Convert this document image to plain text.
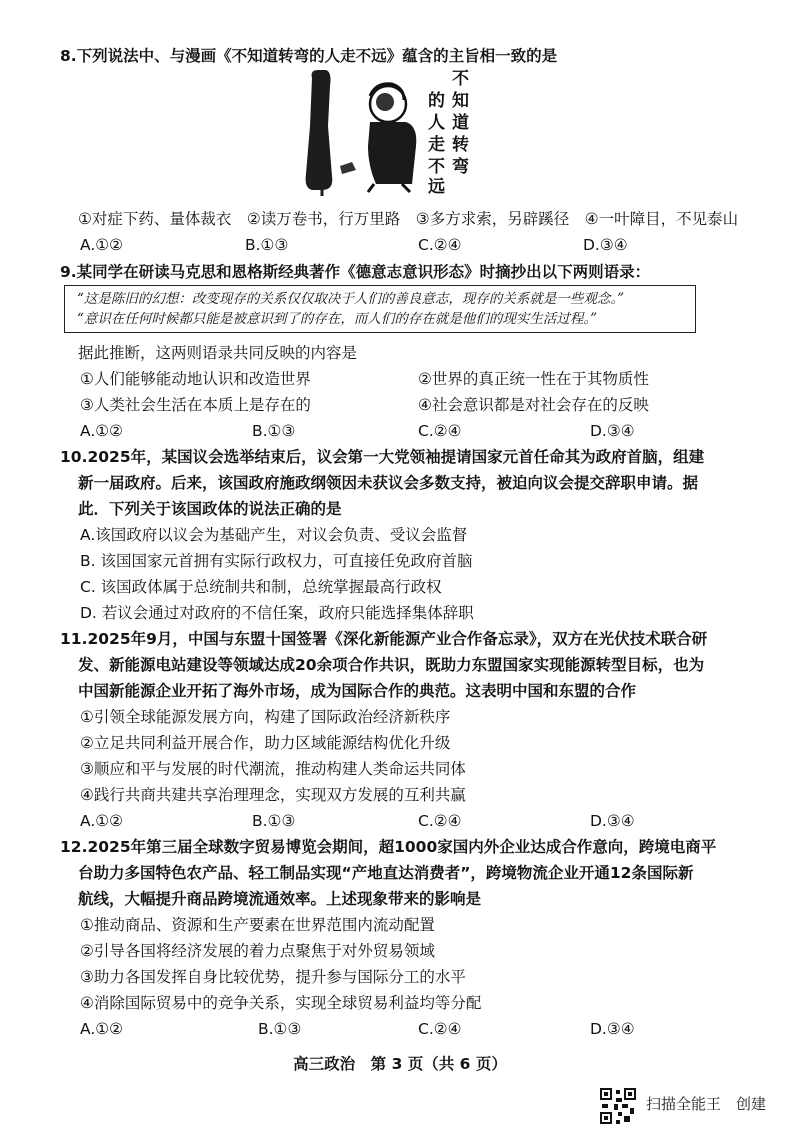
8.下列说法中、与漫画《不知道转弯的人走不远》蕴含的主旨相一致的是
不
知
道
转
弯
的
人
走
不
远
①对症下药、量体裁衣　②读万卷书，行万里路　③多方求索，另辟蹊径　④一叶障目，不见泰山
A.①②	B.①③	C.②④	D.③④
9.某同学在研读马克思和恩格斯经典著作《德意志意识形态》时摘抄出以下两则语录：
“这是陈旧的幻想：改变现存的关系仅仅取决于人们的善良意志，现存的关系就是一些观念。”
“意识在任何时候都只能是被意识到了的存在，而人们的存在就是他们的现实生活过程。”
据此推断，这两则语录共同反映的内容是
①人们能够能动地认识和改造世界	②世界的真正统一性在于其物质性
③人类社会生活在本质上是存在的	④社会意识都是对社会存在的反映
A.①②	B.①③	C.②④	D.③④
10.2025年，某国议会选举结束后，议会第一大党领袖提请国家元首任命其为政府首脑，组建
新一届政府。后来，该国政府施政纲领因未获议会多数支持，被迫向议会提交辞职申请。据
此．下列关于该国政体的说法正确的是
A.该国政府以议会为基础产生，对议会负责、受议会监督
B. 该国国家元首拥有实际行政权力，可直接任免政府首脑
C. 该国政体属于总统制共和制，总统掌握最高行政权
D. 若议会通过对政府的不信任案，政府只能选择集体辞职
11.2025年9月，中国与东盟十国签署《深化新能源产业合作备忘录》，双方在光伏技术联合研
发、新能源电站建设等领域达成20余项合作共识，既助力东盟国家实现能源转型目标，也为
中国新能源企业开拓了海外市场，成为国际合作的典范。这表明中国和东盟的合作
①引领全球能源发展方向，构建了国际政治经济新秩序
②立足共同利益开展合作，助力区域能源结构优化升级
③顺应和平与发展的时代潮流，推动构建人类命运共同体
④践行共商共建共享治理理念，实现双方发展的互利共赢
A.①②	B.①③	C.②④	D.③④
12.2025年第三届全球数字贸易博览会期间，超1000家国内外企业达成合作意向，跨境电商平
台助力多国特色农产品、轻工制品实现“产地直达消费者”，跨境物流企业开通12条国际新
航线，大幅提升商品跨境流通效率。上述现象带来的影响是
①推动商品、资源和生产要素在世界范围内流动配置
②引导各国将经济发展的着力点聚焦于对外贸易领域
③助力各国发挥自身比较优势，提升参与国际分工的水平
④消除国际贸易中的竞争关系，实现全球贸易利益均等分配
A.①②	B.①③	C.②④	D.③④
高三政治　第 3 页（共 6 页）
扫描全能王　创建
